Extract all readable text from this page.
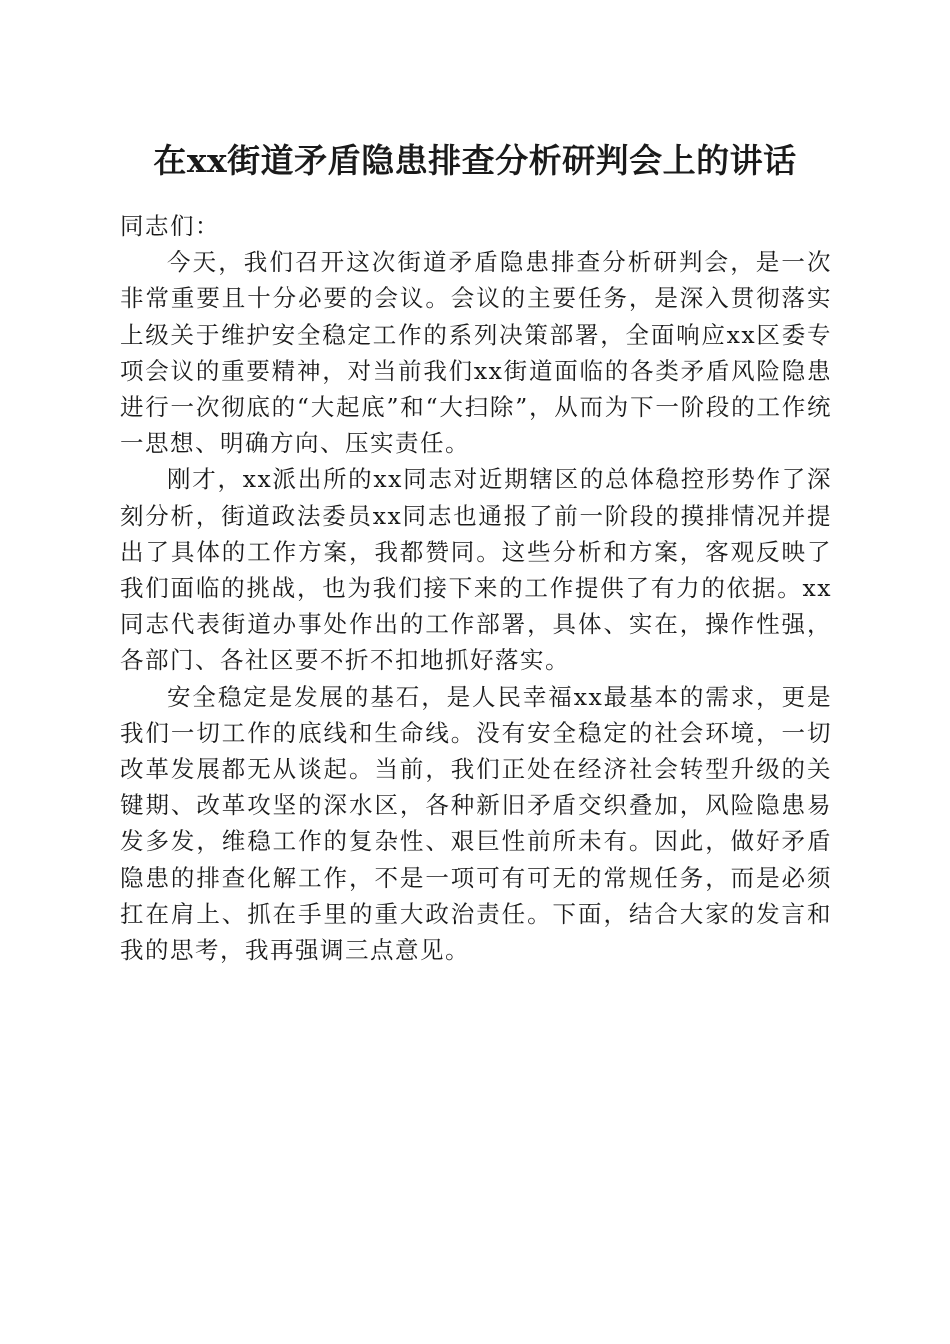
在xx街道矛盾隐患排查分析研判会上的讲话

同志们：

今天，我们召开这次街道矛盾隐患排查分析研判会，是一次非常重要且十分必要的会议。会议的主要任务，是深入贯彻落实上级关于维护安全稳定工作的系列决策部署，全面响应xx区委专项会议的重要精神，对当前我们xx街道面临的各类矛盾风险隐患进行一次彻底的“大起底”和“大扫除”，从而为下一阶段的工作统一思想、明确方向、压实责任。

刚才，xx派出所的xx同志对近期辖区的总体稳控形势作了深刻分析，街道政法委员xx同志也通报了前一阶段的摸排情况并提出了具体的工作方案，我都赞同。这些分析和方案，客观反映了我们面临的挑战，也为我们接下来的工作提供了有力的依据。xx同志代表街道办事处作出的工作部署，具体、实在，操作性强，各部门、各社区要不折不扣地抓好落实。

安全稳定是发展的基石，是人民幸福xx最基本的需求，更是我们一切工作的底线和生命线。没有安全稳定的社会环境，一切改革发展都无从谈起。当前，我们正处在经济社会转型升级的关键期、改革攻坚的深水区，各种新旧矛盾交织叠加，风险隐患易发多发，维稳工作的复杂性、艰巨性前所未有。因此，做好矛盾隐患的排查化解工作，不是一项可有可无的常规任务，而是必须扛在肩上、抓在手里的重大政治责任。下面，结合大家的发言和我的思考，我再强调三点意见。
